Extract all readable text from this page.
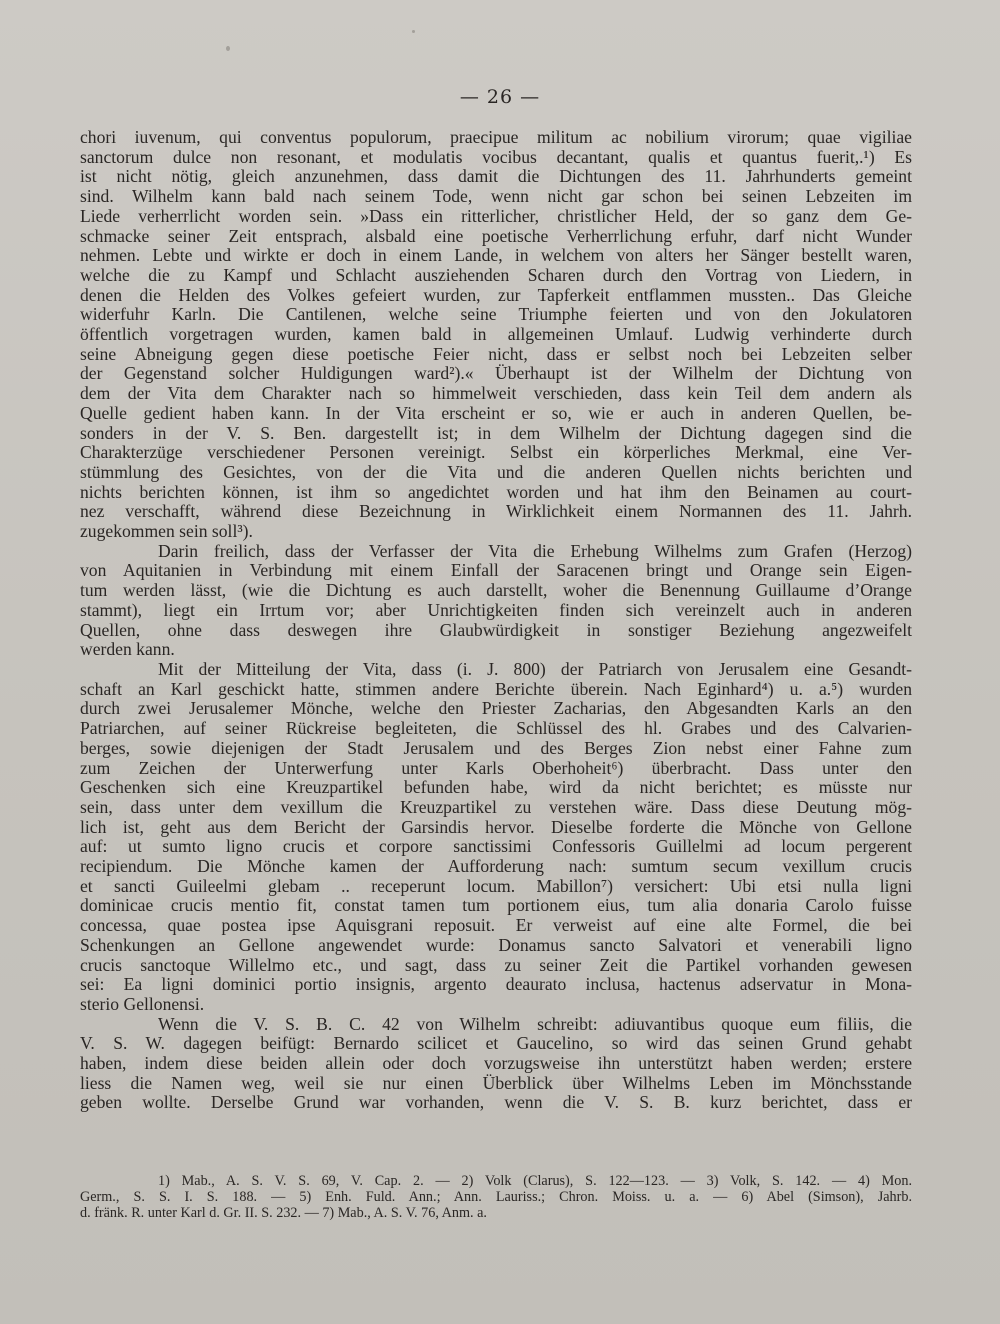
— 26 —
chori iuvenum, qui conventus populorum, praecipue militum ac nobilium virorum; quae vigiliae
sanctorum dulce non resonant, et modulatis vocibus decantant, qualis et quantus fuerit,.¹) Es
ist nicht nötig, gleich anzunehmen, dass damit die Dichtungen des 11. Jahrhunderts gemeint
sind. Wilhelm kann bald nach seinem Tode, wenn nicht gar schon bei seinen Lebzeiten im
Liede verherrlicht worden sein. »Dass ein ritterlicher, christlicher Held, der so ganz dem Ge-
schmacke seiner Zeit entsprach, alsbald eine poetische Verherrlichung erfuhr, darf nicht Wunder
nehmen. Lebte und wirkte er doch in einem Lande, in welchem von alters her Sänger bestellt waren,
welche die zu Kampf und Schlacht ausziehenden Scharen durch den Vortrag von Liedern, in
denen die Helden des Volkes gefeiert wurden, zur Tapferkeit entflammen mussten.. Das Gleiche
widerfuhr Karln. Die Cantilenen, welche seine Triumphe feierten und von den Jokulatoren
öffentlich vorgetragen wurden, kamen bald in allgemeinen Umlauf. Ludwig verhinderte durch
seine Abneigung gegen diese poetische Feier nicht, dass er selbst noch bei Lebzeiten selber
der Gegenstand solcher Huldigungen ward²).« Überhaupt ist der Wilhelm der Dichtung von
dem der Vita dem Charakter nach so himmelweit verschieden, dass kein Teil dem andern als
Quelle gedient haben kann. In der Vita erscheint er so, wie er auch in anderen Quellen, be-
sonders in der V. S. Ben. dargestellt ist; in dem Wilhelm der Dichtung dagegen sind die
Charakterzüge verschiedener Personen vereinigt. Selbst ein körperliches Merkmal, eine Ver-
stümmlung des Gesichtes, von der die Vita und die anderen Quellen nichts berichten und
nichts berichten können, ist ihm so angedichtet worden und hat ihm den Beinamen au court-
nez verschafft, während diese Bezeichnung in Wirklichkeit einem Normannen des 11. Jahrh.
zugekommen sein soll³).
Darin freilich, dass der Verfasser der Vita die Erhebung Wilhelms zum Grafen (Herzog)
von Aquitanien in Verbindung mit einem Einfall der Saracenen bringt und Orange sein Eigen-
tum werden lässt, (wie die Dichtung es auch darstellt, woher die Benennung Guillaume d’Orange
stammt), liegt ein Irrtum vor; aber Unrichtigkeiten finden sich vereinzelt auch in anderen
Quellen, ohne dass deswegen ihre Glaubwürdigkeit in sonstiger Beziehung angezweifelt
werden kann.
Mit der Mitteilung der Vita, dass (i. J. 800) der Patriarch von Jerusalem eine Gesandt-
schaft an Karl geschickt hatte, stimmen andere Berichte überein. Nach Eginhard⁴) u. a.⁵) wurden
durch zwei Jerusalemer Mönche, welche den Priester Zacharias, den Abgesandten Karls an den
Patriarchen, auf seiner Rückreise begleiteten, die Schlüssel des hl. Grabes und des Calvarien-
berges, sowie diejenigen der Stadt Jerusalem und des Berges Zion nebst einer Fahne zum
zum Zeichen der Unterwerfung unter Karls Oberhoheit⁶) überbracht. Dass unter den
Geschenken sich eine Kreuzpartikel befunden habe, wird da nicht berichtet; es müsste nur
sein, dass unter dem vexillum die Kreuzpartikel zu verstehen wäre. Dass diese Deutung mög-
lich ist, geht aus dem Bericht der Garsindis hervor. Dieselbe forderte die Mönche von Gellone
auf: ut sumto ligno crucis et corpore sanctissimi Confessoris Guillelmi ad locum pergerent
recipiendum. Die Mönche kamen der Aufforderung nach: sumtum secum vexillum crucis
et sancti Guileelmi glebam .. receperunt locum. Mabillon⁷) versichert: Ubi etsi nulla ligni
dominicae crucis mentio fit, constat tamen tum portionem eius, tum alia donaria Carolo fuisse
concessa, quae postea ipse Aquisgrani reposuit. Er verweist auf eine alte Formel, die bei
Schenkungen an Gellone angewendet wurde: Donamus sancto Salvatori et venerabili ligno
crucis sanctoque Willelmo etc., und sagt, dass zu seiner Zeit die Partikel vorhanden gewesen
sei: Ea ligni dominici portio insignis, argento deaurato inclusa, hactenus adservatur in Mona-
sterio Gellonensi.
Wenn die V. S. B. C. 42 von Wilhelm schreibt: adiuvantibus quoque eum filiis, die
V. S. W. dagegen beifügt: Bernardo scilicet et Gaucelino, so wird das seinen Grund gehabt
haben, indem diese beiden allein oder doch vorzugsweise ihn unterstützt haben werden; erstere
liess die Namen weg, weil sie nur einen Überblick über Wilhelms Leben im Mönchsstande
geben wollte. Derselbe Grund war vorhanden, wenn die V. S. B. kurz berichtet, dass er
1) Mab., A. S. V. S. 69, V. Cap. 2. — 2) Volk (Clarus), S. 122—123. — 3) Volk, S. 142. — 4) Mon.
Germ., S. S. I. S. 188. — 5) Enh. Fuld. Ann.; Ann. Lauriss.; Chron. Moiss. u. a. — 6) Abel (Simson), Jahrb.
d. fränk. R. unter Karl d. Gr. II. S. 232. — 7) Mab., A. S. V. 76, Anm. a.
